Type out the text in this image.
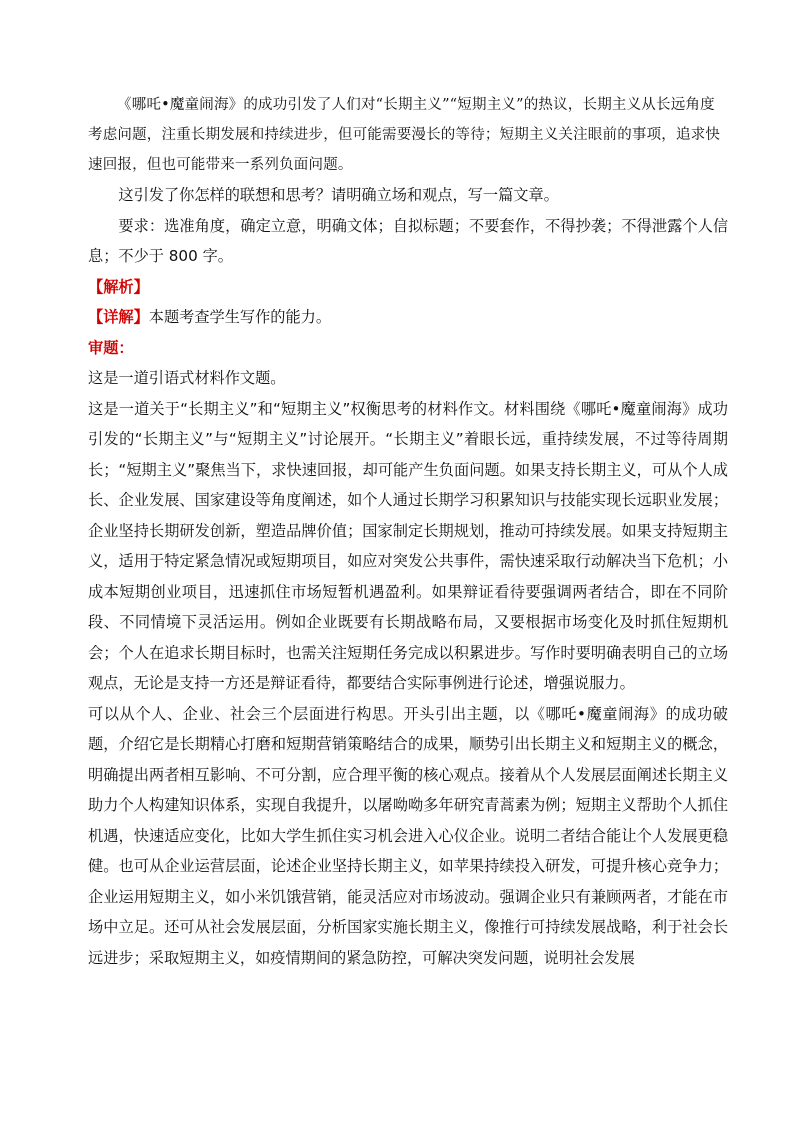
《哪吒•魔童闹海》的成功引发了人们对“长期主义”“短期主义”的热议，长期主义从长远角度考虑问题，注重长期发展和持续进步，但可能需要漫长的等待；短期主义关注眼前的事项，追求快速回报，但也可能带来一系列负面问题。

这引发了你怎样的联想和思考？请明确立场和观点，写一篇文章。

要求：选准角度，确定立意，明确文体；自拟标题；不要套作，不得抄袭；不得泄露个人信息；不少于 800 字。

【解析】

【详解】本题考查学生写作的能力。

审题：

这是一道引语式材料作文题。

这是一道关于“长期主义”和“短期主义”权衡思考的材料作文。材料围绕《哪吒•魔童闹海》成功引发的“长期主义”与“短期主义”讨论展开。“长期主义”着眼长远，重持续发展，不过等待周期长；“短期主义”聚焦当下，求快速回报，却可能产生负面问题。如果支持长期主义，可从个人成长、企业发展、国家建设等角度阐述，如个人通过长期学习积累知识与技能实现长远职业发展；企业坚持长期研发创新，塑造品牌价值；国家制定长期规划，推动可持续发展。如果支持短期主义，适用于特定紧急情况或短期项目，如应对突发公共事件，需快速采取行动解决当下危机；小成本短期创业项目，迅速抓住市场短暂机遇盈利。如果辩证看待要强调两者结合，即在不同阶段、不同情境下灵活运用。例如企业既要有长期战略布局，又要根据市场变化及时抓住短期机会；个人在追求长期目标时，也需关注短期任务完成以积累进步。写作时要明确表明自己的立场观点，无论是支持一方还是辩证看待，都要结合实际事例进行论述，增强说服力。

可以从个人、企业、社会三个层面进行构思。开头引出主题，以《哪吒•魔童闹海》的成功破题，介绍它是长期精心打磨和短期营销策略结合的成果，顺势引出长期主义和短期主义的概念，明确提出两者相互影响、不可分割，应合理平衡的核心观点。接着从个人发展层面阐述长期主义助力个人构建知识体系，实现自我提升，以屠呦呦多年研究青蒿素为例；短期主义帮助个人抓住机遇，快速适应变化，比如大学生抓住实习机会进入心仪企业。说明二者结合能让个人发展更稳健。也可从企业运营层面，论述企业坚持长期主义，如苹果持续投入研发，可提升核心竞争力；企业运用短期主义，如小米饥饿营销，能灵活应对市场波动。强调企业只有兼顾两者，才能在市场中立足。还可从社会发展层面，分析国家实施长期主义，像推行可持续发展战略，利于社会长远进步；采取短期主义，如疫情期间的紧急防控，可解决突发问题，说明社会发展
